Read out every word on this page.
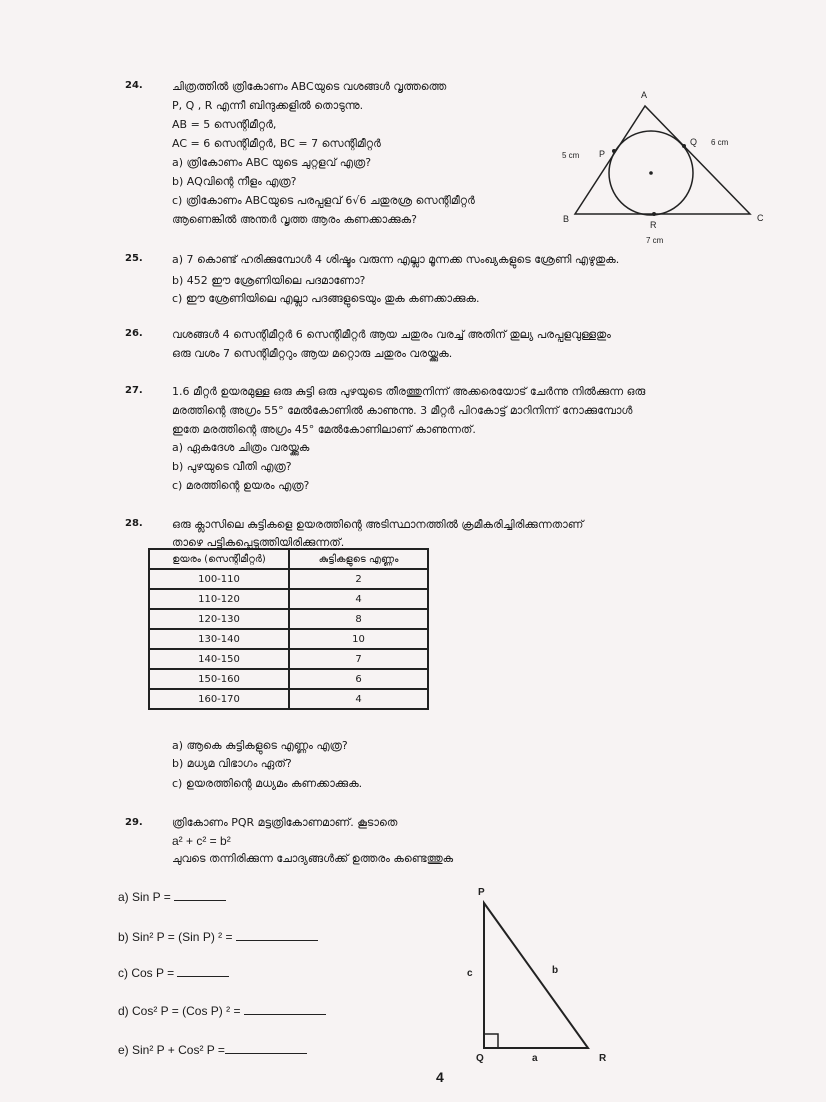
24.	ചിത്രത്തിൽ ത്രികോണം ABCയുടെ വശങ്ങൾ വൃത്തത്തെ
P, Q , R എന്നീ ബിന്ദുക്കളിൽ തൊടുന്നു.
AB = 5 സെന്റിമീറ്റർ,
AC = 6 സെന്റിമീറ്റർ, BC = 7 സെന്റിമീറ്റർ
a) ത്രികോണം ABC യുടെ ചുറ്റളവ് എത്ര?
b) AQവിന്റെ നീളം എത്ര?
c) ത്രികോണം ABCയുടെ പരപ്പളവ് 6√6 ചതുരശ്ര സെന്റിമീറ്റർ
ആണെങ്കിൽ അന്തർ വൃത്ത ആരം കണക്കാക്കുക?
A
B	C
P
Q
R
5 cm
6 cm
7 cm
25.	a) 7 കൊണ്ട് ഹരിക്കുമ്പോൾ 4 ശിഷ്ടം വരുന്ന എല്ലാ മൂന്നക്ക സംഖ്യകളുടെ ശ്രേണി എഴുതുക.
b) 452 ഈ ശ്രേണിയിലെ പദമാണോ?
c) ഈ ശ്രേണിയിലെ എല്ലാ പദങ്ങളുടെയും തുക കണക്കാക്കുക.
26.	വശങ്ങൾ 4 സെന്റിമീറ്റർ 6 സെന്റിമീറ്റർ ആയ ചതുരം വരച്ച് അതിന് തുല്യ പരപ്പളവുള്ളതും
ഒരു വശം 7 സെന്റിമീറ്ററും ആയ മറ്റൊരു ചതുരം വരയ്ക്കുക.
27.	1.6 മീറ്റർ ഉയരമുള്ള ഒരു കുട്ടി ഒരു പുഴയുടെ തീരത്തുനിന്ന് അക്കരെയോട് ചേർന്നു നിൽക്കുന്ന ഒരു
മരത്തിന്റെ അഗ്രം 55° മേൽകോണിൽ കാണുന്നു. 3 മീറ്റർ പിറകോട്ട് മാറിനിന്ന് നോക്കുമ്പോൾ
ഇതേ മരത്തിന്റെ അഗ്രം 45° മേൽകോണിലാണ് കാണുന്നത്.
a) ഏകദേശ ചിത്രം വരയ്ക്കുക
b) പുഴയുടെ വീതി എത്ര?
c) മരത്തിന്റെ ഉയരം എത്ര?
28.	ഒരു ക്ലാസിലെ കുട്ടികളെ ഉയരത്തിന്റെ അടിസ്ഥാനത്തിൽ ക്രമീകരിച്ചിരിക്കുന്നതാണ്
താഴെ പട്ടികപ്പെടുത്തിയിരിക്കുന്നത്.
ഉയരം (സെന്റിമീറ്റർ)	കുട്ടികളുടെ എണ്ണം
100-110	2
110-120	4
120-130	8
130-140	10
140-150	7
150-160	6
160-170	4
a) ആകെ കുട്ടികളുടെ എണ്ണം എത്ര?
b) മധ്യമ വിഭാഗം ഏത്?
c) ഉയരത്തിന്റെ മധ്യമം കണക്കാക്കുക.
29.	ത്രികോണം PQR മട്ടത്രികോണമാണ്. കൂടാതെ
a² + c² = b²
ചുവടെ തന്നിരിക്കുന്ന ചോദ്യങ്ങൾക്ക് ഉത്തരം കണ്ടെത്തുക
a) Sin P =
b) Sin² P = (Sin P) ² =
c) Cos P =
d) Cos² P = (Cos P) ² =
e) Sin² P + Cos² P =
P
Q	R
a
b
c
4
